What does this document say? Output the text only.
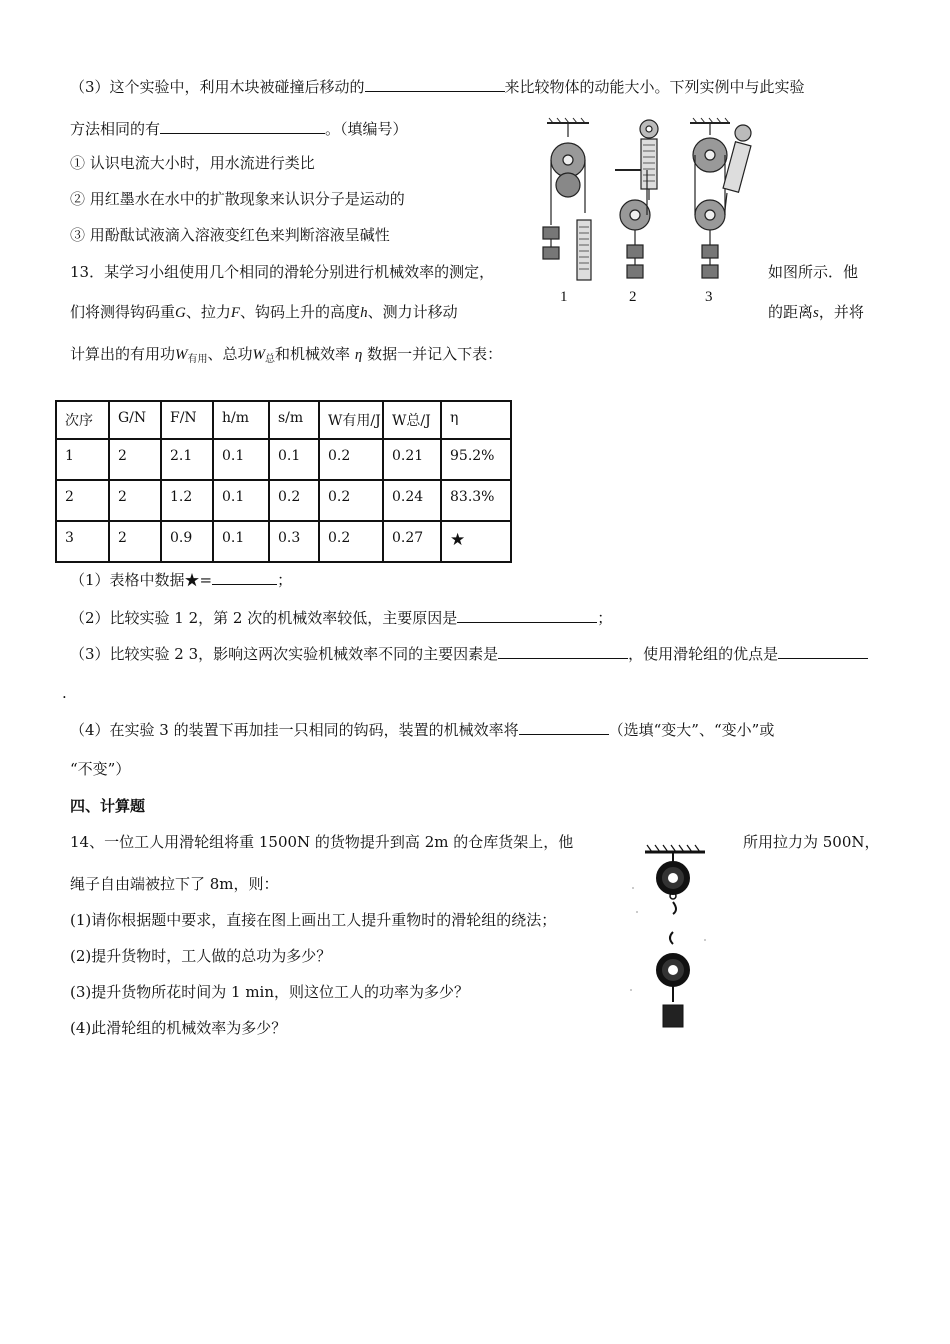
（3）这个实验中，利用木块被碰撞后移动的	来比较物体的动能大小。下列实例中与此实验
方法相同的有	。（填编号）
① 认识电流大小时，用水流进行类比
② 用红墨水在水中的扩散现象来认识分子是运动的
③ 用酚酞试液滴入溶液变红色来判断溶液呈碱性
13．某学习小组使用几个相同的滑轮分别进行机械效率的测定，	如图所示．他
们将测得钩码重G、拉力F、钩码上升的高度h、测力计移动	的距离s，并将
计算出的有用功$W_{有用}$、总功$W_总$和机械效率 η 数据一并记入下表：
1	2	3
次序	G/N	F/N	h/m	s/m	W有用/J	W总/J	η
1	2	2.1	0.1	0.1	0.2	0.21	95.2%
2	2	1.2	0.1	0.2	0.2	0.24	83.3%
3	2	0.9	0.1	0.3	0.2	0.27	★
（1）表格中数据★=	；
（2）比较实验 1 2，第 2 次的机械效率较低，主要原因是	；
（3）比较实验 2 3，影响这两次实验机械效率不同的主要因素是	，使用滑轮组的优点是
.
（4）在实验 3 的装置下再加挂一只相同的钩码，装置的机械效率将	（选填“变大”、“变小”或
“不变”）
四、计算题
14、一位工人用滑轮组将重 1500N 的货物提升到高 2m 的仓库货架上，他	所用拉力为 500N，
绳子自由端被拉下了 8m，则：
(1)请你根据题中要求，直接在图上画出工人提升重物时的滑轮组的绕法；
(2)提升货物时，工人做的总功为多少？
(3)提升货物所花时间为 1 min，则这位工人的功率为多少？
(4)此滑轮组的机械效率为多少？
